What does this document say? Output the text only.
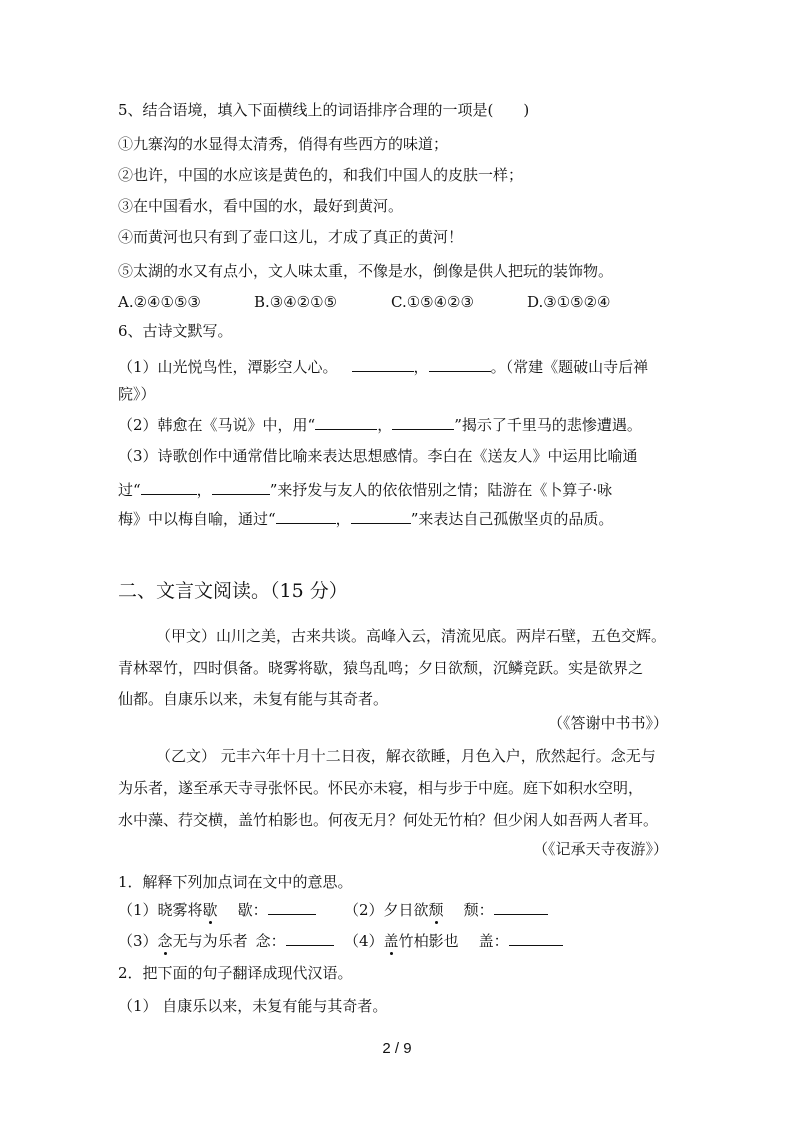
5、结合语境，填入下面横线上的词语排序合理的一项是(　　)
①九寨沟的水显得太清秀，俏得有些西方的味道；
②也许，中国的水应该是黄色的，和我们中国人的皮肤一样；
③在中国看水，看中国的水，最好到黄河。
④而黄河也只有到了壶口这儿，才成了真正的黄河！
⑤太湖的水又有点小，文人味太重，不像是水，倒像是供人把玩的装饰物。
A.②④①⑤③	B.③④②①⑤	C.①⑤④②③	D.③①⑤②④
6、古诗文默写。
（1）山光悦鸟性，潭影空人心。	，	。（常建《题破山寺后禅
院》）
（2）韩愈在《马说》中，用“	，	”揭示了千里马的悲惨遭遇。
（3）诗歌创作中通常借比喻来表达思想感情。李白在《送友人》中运用比喻通
过“	，	”来抒发与友人的依依惜别之情；陆游在《卜算子·咏
梅》中以梅自喻，通过“	，	”来表达自己孤傲坚贞的品质。
二、文言文阅读。（15 分）
（甲文）山川之美，古来共谈。高峰入云，清流见底。两岸石壁，五色交辉。
青林翠竹，四时俱备。晓雾将歇，猿鸟乱鸣；夕日欲颓，沉鳞竞跃。实是欲界之
仙都。自康乐以来，未复有能与其奇者。
（《答谢中书书》）
（乙文） 元丰六年十月十二日夜，解衣欲睡，月色入户，欣然起行。念无与
为乐者，遂至承天寺寻张怀民。怀民亦未寝，相与步于中庭。庭下如积水空明，
水中藻、荇交横，盖竹柏影也。何夜无月？何处无竹柏？但少闲人如吾两人者耳。
（《记承天寺夜游》）
1．解释下列加点词在文中的意思。
（1）晓雾将歇 歇：	（2）夕日欲颓 颓：
（3）念无与为乐者 念：	（4）盖竹柏影也 盖：
2．把下面的句子翻译成现代汉语。
（1） 自康乐以来，未复有能与其奇者。
2 / 9
